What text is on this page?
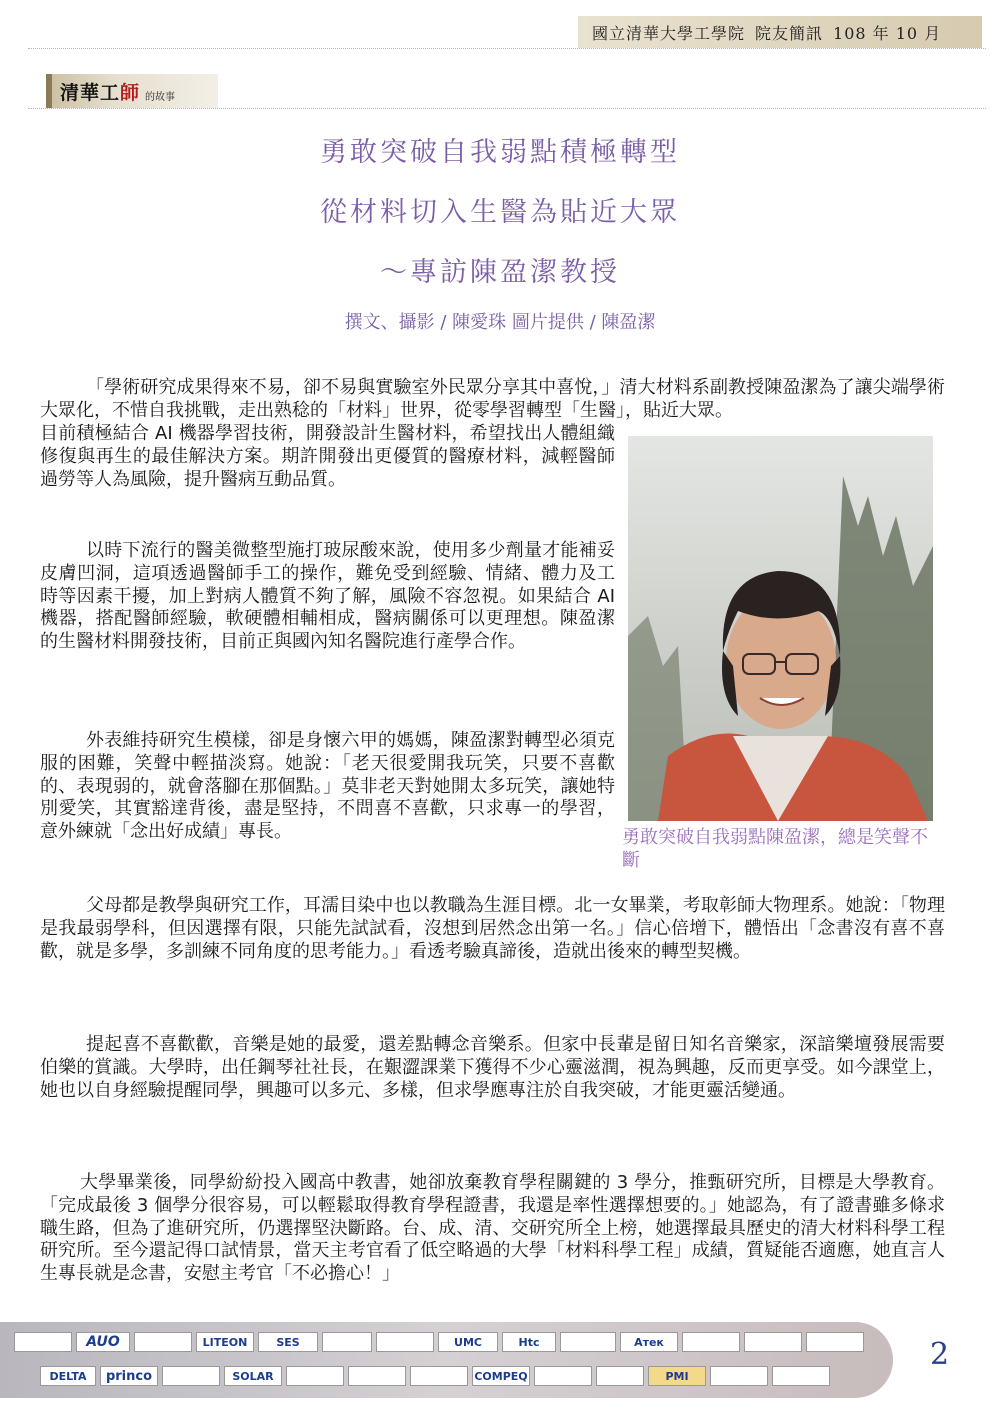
國立清華大學工學院 院友簡訊 108 年 10 月
清華工 師 的故事
勇敢突破自我弱點積極轉型
從材料切入生醫為貼近大眾
～專訪陳盈潔教授
撰文、攝影 / 陳愛珠 圖片提供 / 陳盈潔
「學術研究成果得來不易，卻不易與實驗室外民眾分享其中喜悅，」清大材料系副教授陳盈潔為了讓尖端學術大眾化，不惜自我挑戰，走出熟稔的「材料」世界，從零學習轉型「生醫」，貼近大眾。
目前積極結合 AI 機器學習技術，開發設計生醫材料，希望找出人體組織修復與再生的最佳解決方案。期許開發出更優質的醫療材料，減輕醫師過勞等人為風險，提升醫病互動品質。
以時下流行的醫美微整型施打玻尿酸來說，使用多少劑量才能補妥皮膚凹洞，這項透過醫師手工的操作，難免受到經驗、情緒、體力及工時等因素干擾，加上對病人體質不夠了解，風險不容忽視。如果結合 AI 機器，搭配醫師經驗，軟硬體相輔相成，醫病關係可以更理想。陳盈潔的生醫材料開發技術，目前正與國內知名醫院進行產學合作。
外表維持研究生模樣，卻是身懷六甲的媽媽，陳盈潔對轉型必須克服的困難，笑聲中輕描淡寫。她說：「老天很愛開我玩笑，只要不喜歡的、表現弱的，就會落腳在那個點。」莫非老天對她開太多玩笑，讓她特別愛笑，其實豁達背後，盡是堅持，不問喜不喜歡，只求專一的學習，意外練就「念出好成績」專長。	勇敢突破自我弱點陳盈潔，總是笑聲不斷
父母都是教學與研究工作，耳濡目染中也以教職為生涯目標。北一女畢業，考取彰師大物理系。她說：「物理是我最弱學科，但因選擇有限，只能先試試看，沒想到居然念出第一名。」信心倍增下，體悟出「念書沒有喜不喜歡，就是多學，多訓練不同角度的思考能力。」看透考驗真諦後，造就出後來的轉型契機。
提起喜不喜歡歡，音樂是她的最愛，還差點轉念音樂系。但家中長輩是留日知名音樂家，深諳樂壇發展需要伯樂的賞識。大學時，出任鋼琴社社長，在艱澀課業下獲得不少心靈滋潤，視為興趣，反而更享受。如今課堂上，她也以自身經驗提醒同學，興趣可以多元、多樣，但求學應專注於自我突破，才能更靈活變通。
大學畢業後，同學紛紛投入國高中教書，她卻放棄教育學程關鍵的 3 學分，推甄研究所，目標是大學教育。「完成最後 3 個學分很容易，可以輕鬆取得教育學程證書，我還是率性選擇想要的。」她認為，有了證書雖多條求職生路，但為了進研究所，仍選擇堅決斷路。台、成、清、交研究所全上榜，她選擇最具歷史的清大材料科學工程研究所。至今還記得口試情景，當天主考官看了低空略過的大學「材料科學工程」成績，質疑能否適應，她直言人生專長就是念書，安慰主考官「不必擔心！」
AUO	LITEON	SES	UMC	Htc	Aтек
DELTA	princo	SOLAR	COMPEQ	PMI
2
